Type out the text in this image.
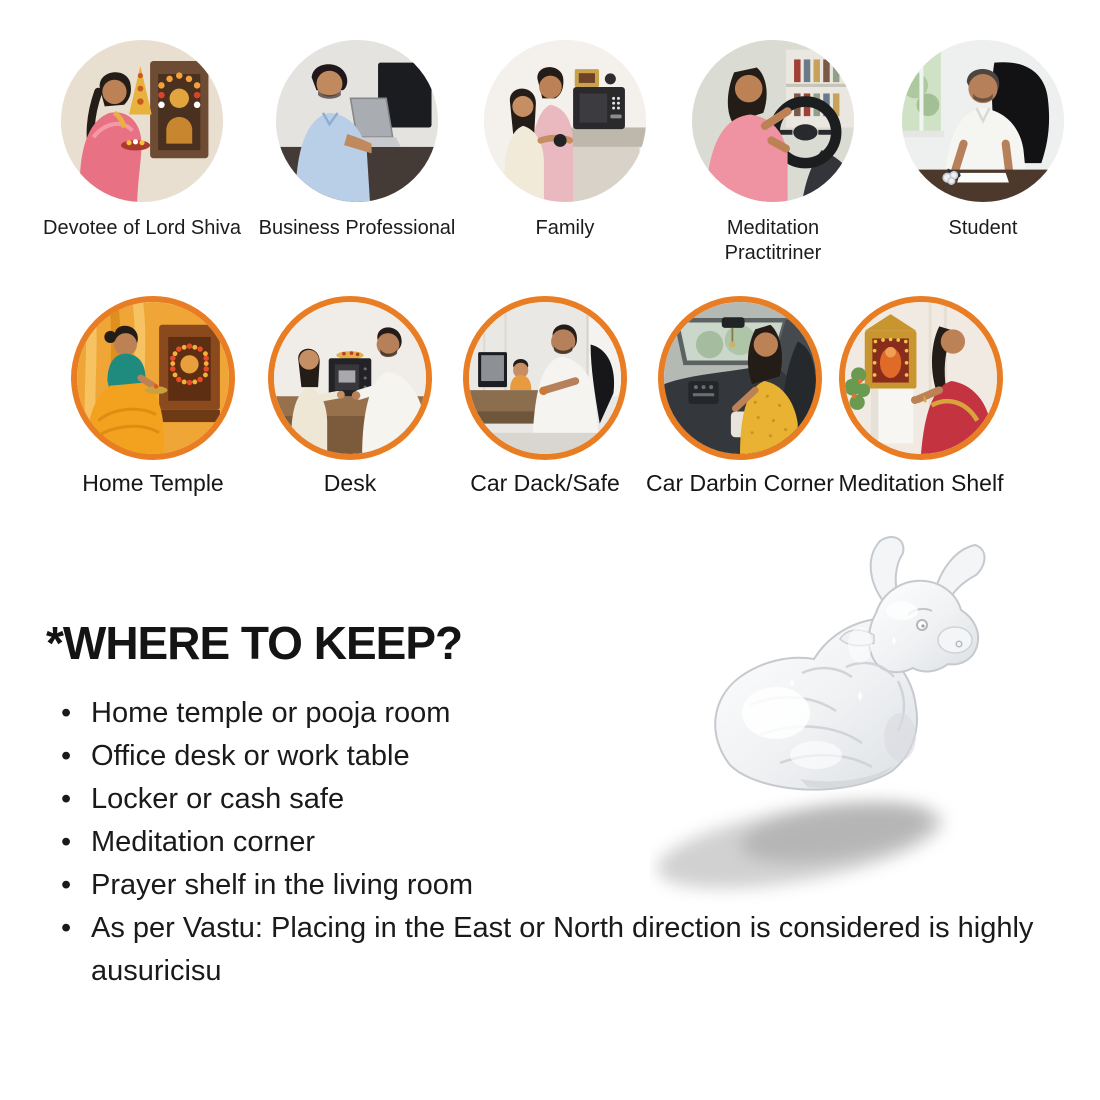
Devotee of Lord Shiva Business Professional	Family	Meditation Practitriner
Student
Home Temple	Desk	Car Dack/Safe	Car Darbin Corner Meditation Shelf
*WHERE TO KEEP?
• Home temple or pooja room
• Office desk or work table
• Locker or cash safe
• Meditation corner
• Prayer shelf in the living room
• As per Vastu: Placing in the East or North direction is considered is highly ausuricisu
